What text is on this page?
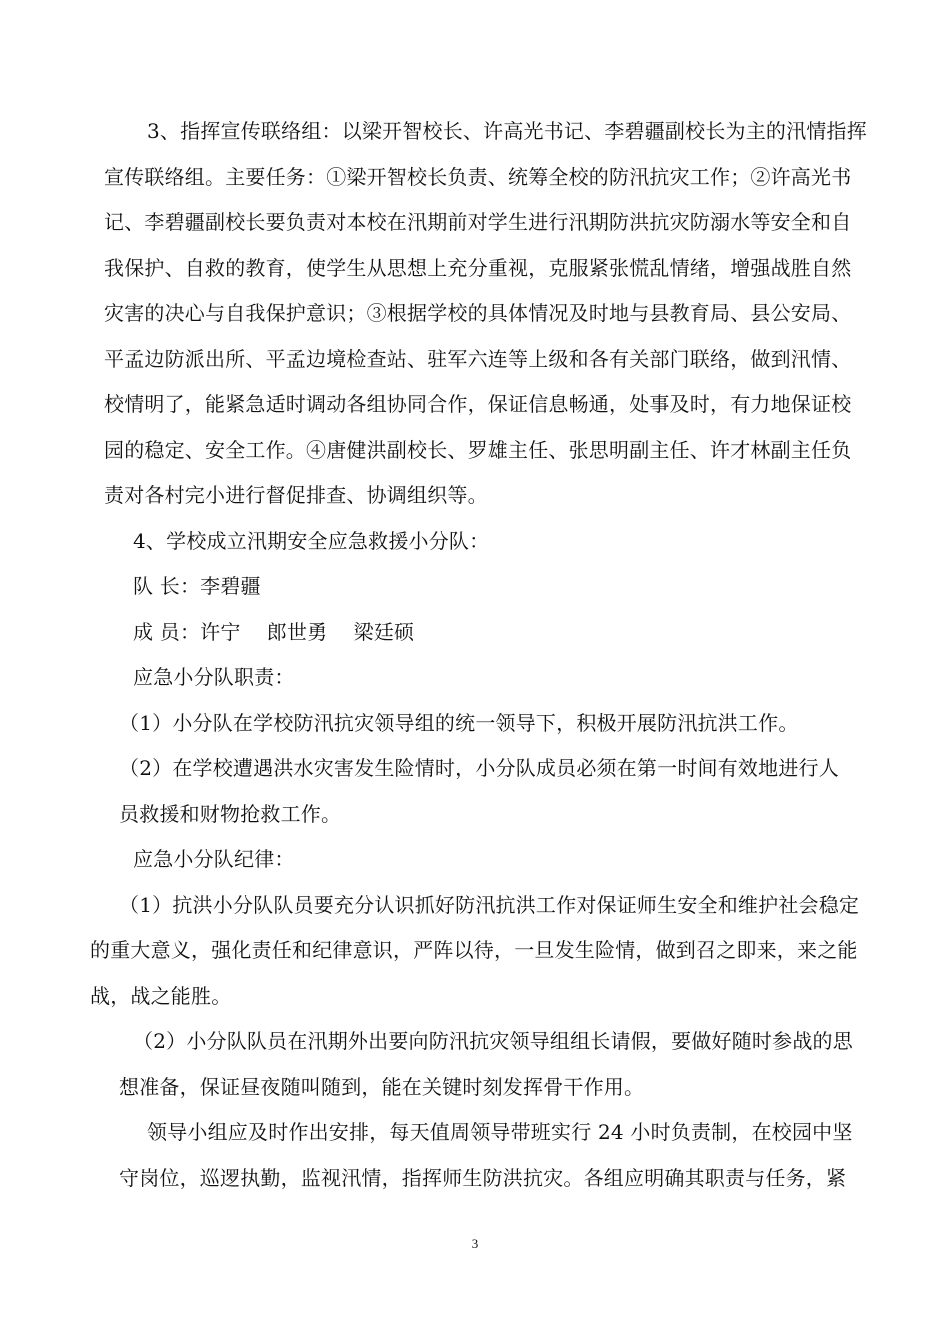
3、指挥宣传联络组：以梁开智校长、许高光书记、李碧疆副校长为主的汛情指挥
宣传联络组。主要任务：①梁开智校长负责、统筹全校的防汛抗灾工作；②许高光书
记、李碧疆副校长要负责对本校在汛期前对学生进行汛期防洪抗灾防溺水等安全和自
我保护、自救的教育，使学生从思想上充分重视，克服紧张慌乱情绪，增强战胜自然
灾害的决心与自我保护意识；③根据学校的具体情况及时地与县教育局、县公安局、
平孟边防派出所、平孟边境检查站、驻军六连等上级和各有关部门联络，做到汛情、
校情明了，能紧急适时调动各组协同合作，保证信息畅通，处事及时，有力地保证校
园的稳定、安全工作。④唐健洪副校长、罗雄主任、张思明副主任、许才林副主任负
责对各村完小进行督促排查、协调组织等。
4、学校成立汛期安全应急救援小分队：
队 长：李碧疆
成 员：许宁    郎世勇    梁廷硕
应急小分队职责：
（1）小分队在学校防汛抗灾领导组的统一领导下，积极开展防汛抗洪工作。
（2）在学校遭遇洪水灾害发生险情时，小分队成员必须在第一时间有效地进行人
员救援和财物抢救工作。
应急小分队纪律：
（1）抗洪小分队队员要充分认识抓好防汛抗洪工作对保证师生安全和维护社会稳定
的重大意义，强化责任和纪律意识，严阵以待，一旦发生险情，做到召之即来，来之能
战，战之能胜。
（2）小分队队员在汛期外出要向防汛抗灾领导组组长请假，要做好随时参战的思
想准备，保证昼夜随叫随到，能在关键时刻发挥骨干作用。
领导小组应及时作出安排，每天值周领导带班实行 24 小时负责制，在校园中坚
守岗位，巡逻执勤，监视汛情，指挥师生防洪抗灾。各组应明确其职责与任务，紧
3
